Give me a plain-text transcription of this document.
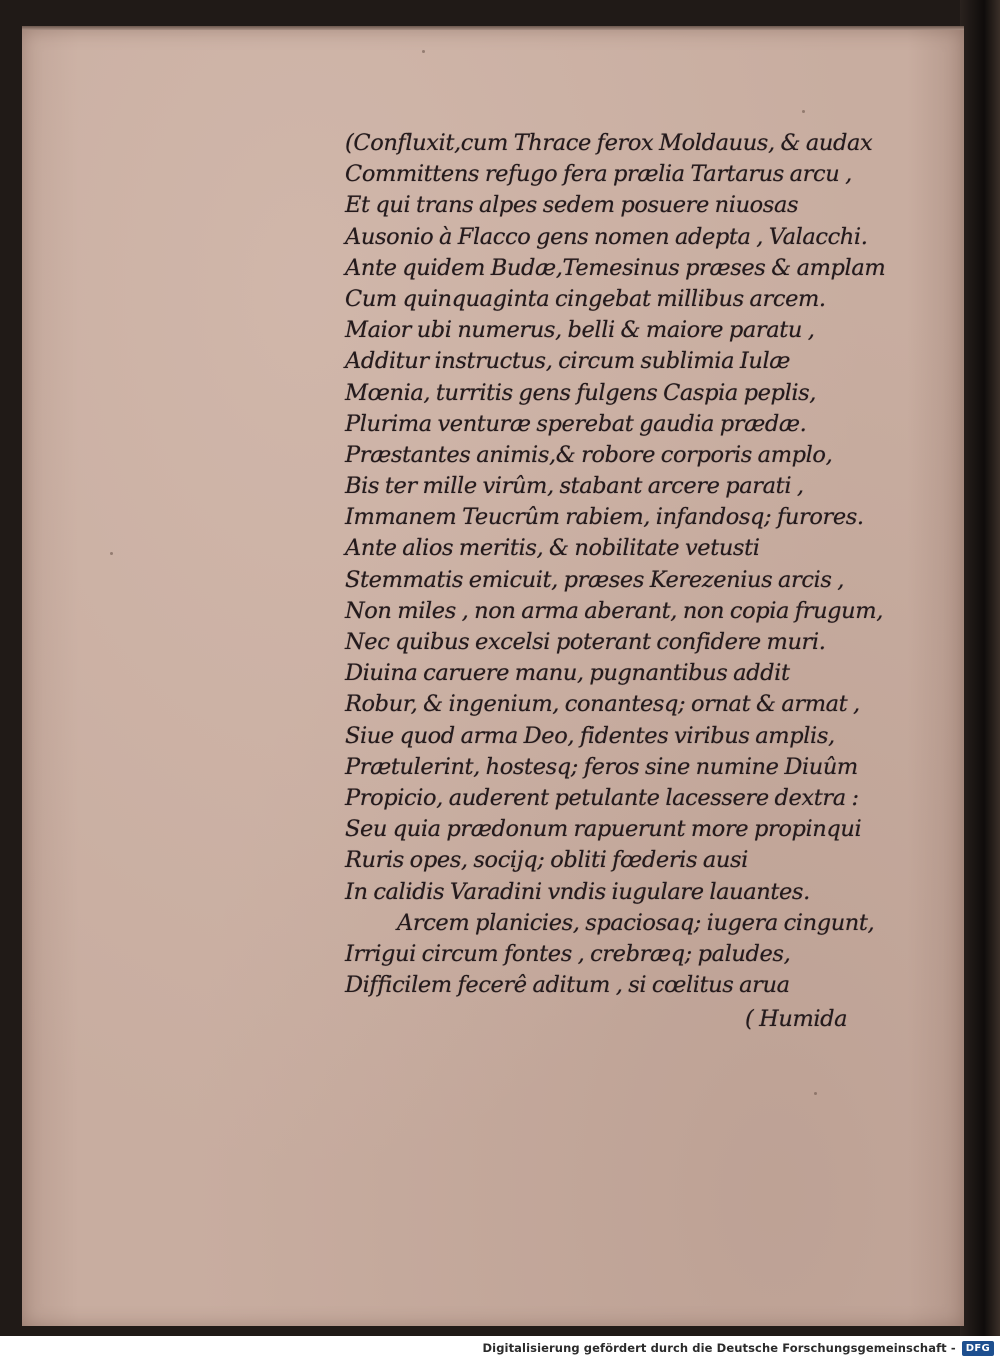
(Confluxit,cum Thrace ferox Moldauus, & audax
Committens refugo fera prælia Tartarus arcu ,
Et qui trans alpes sedem posuere niuosas
Ausonio à Flacco gens nomen adepta , Valacchi.
Ante quidem Budæ,Temesinus præses & amplam
Cum quinquaginta cingebat millibus arcem.
Maior ubi numerus, belli & maiore paratu ,
Additur instructus, circum sublimia Iulæ
Mœnia, turritis gens fulgens Caspia peplis,
Plurima venturæ sperebat gaudia prædæ.
Præstantes animis,& robore corporis amplo,
Bis ter mille virûm, stabant arcere parati ,
Immanem Teucrûm rabiem, infandosq; furores.
Ante alios meritis, & nobilitate vetusti
Stemmatis emicuit, præses Kerezenius arcis ,
Non miles , non arma aberant, non copia frugum,
Nec quibus excelsi poterant confidere muri.
Diuina caruere manu, pugnantibus addit
Robur, & ingenium, conantesq; ornat & armat ,
Siue quod arma Deo, fidentes viribus amplis,
Prætulerint, hostesq; feros sine numine Diuûm
Propicio, auderent petulante lacessere dextra :
Seu quia prædonum rapuerunt more propinqui
Ruris opes, socijq; obliti fœderis ausi
In calidis Varadini vndis iugulare lauantes.
Arcem planicies, spaciosaq; iugera cingunt,
Irrigui circum fontes , crebræq; paludes,
Difficilem fecerê aditum , si cœlitus arua
( Humida
Digitalisierung gefördert durch die Deutsche Forschungsgemeinschaft -	DFG
